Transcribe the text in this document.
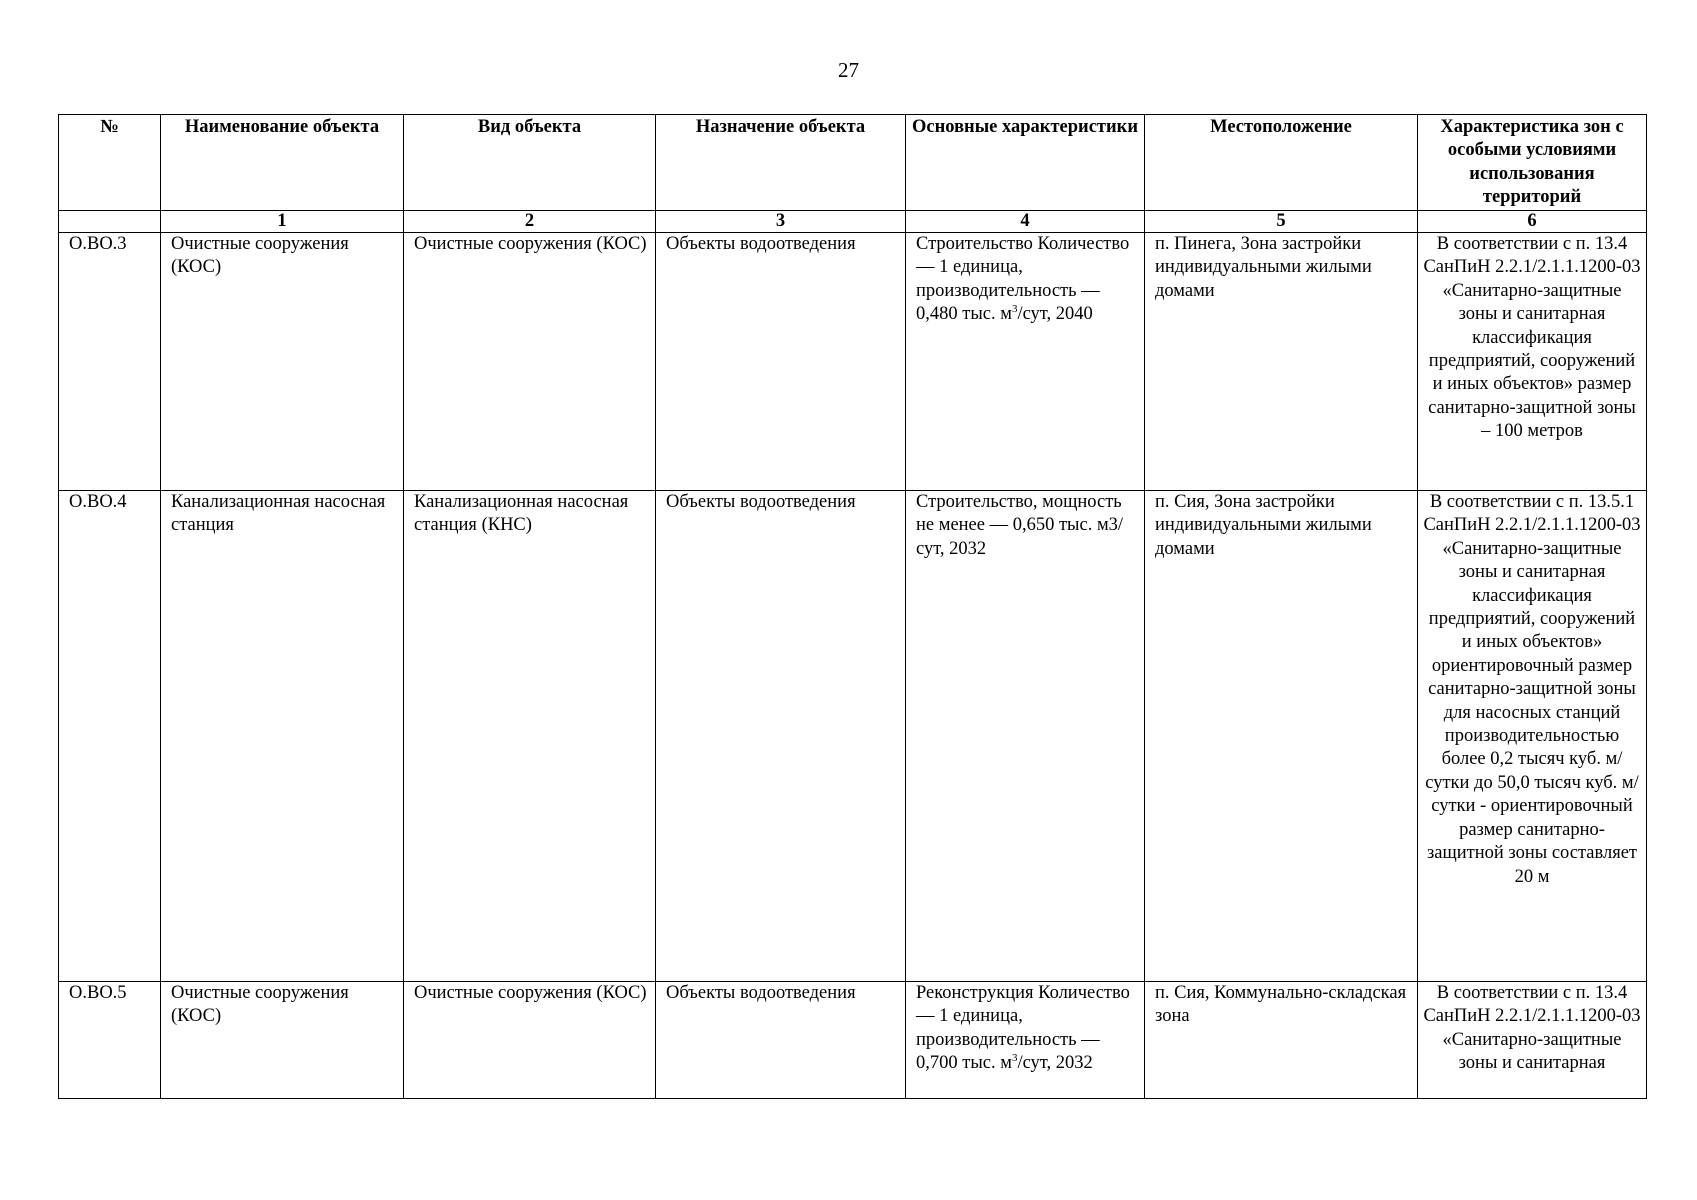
27
№	Наименование объекта	Вид объекта	Назначение объекта	Основные характеристики	Местоположение	Характеристика зон с особыми условиями использования территорий
	1	2	3	4	5	6
О.ВО.3	Очистные сооружения (КОС)	Очистные сооружения (КОС)	Объекты водоотведения	Строительство Количество — 1 единица, производительность — 0,480 тыс. $м^3$/сут, 2040	п. Пинега, Зона застройки индивидуальными жилыми домами	В соответствии с п. 13.4 СанПиН 2.2.1/2.1.1.1200-03 «Санитарно-защитные зоны и санитарная классификация предприятий, сооружений и иных объектов» размер санитарно-защитной зоны – 100 метров
О.ВО.4	Канализационная насосная станция	Канализационная насосная станция (КНС)	Объекты водоотведения	Строительство, мощность не менее — 0,650 тыс. м3/сут, 2032	п. Сия, Зона застройки индивидуальными жилыми домами	В соответствии с п. 13.5.1 СанПиН 2.2.1/2.1.1.1200-03 «Санитарно-защитные зоны и санитарная классификация предприятий, сооружений и иных объектов» ориентировочный размер санитарно-защитной зоны для насосных станций производительностью более 0,2 тысяч куб. м/сутки до 50,0 тысяч куб. м/сутки - ориентировочный размер санитарно-защитной зоны составляет 20 м
О.ВО.5	Очистные сооружения (КОС)	Очистные сооружения (КОС)	Объекты водоотведения	Реконструкция Количество — 1 единица, производительность — 0,700 тыс. $м^3$/сут, 2032	п. Сия, Коммунально-складская зона	В соответствии с п. 13.4 СанПиН 2.2.1/2.1.1.1200-03 «Санитарно-защитные зоны и санитарная
